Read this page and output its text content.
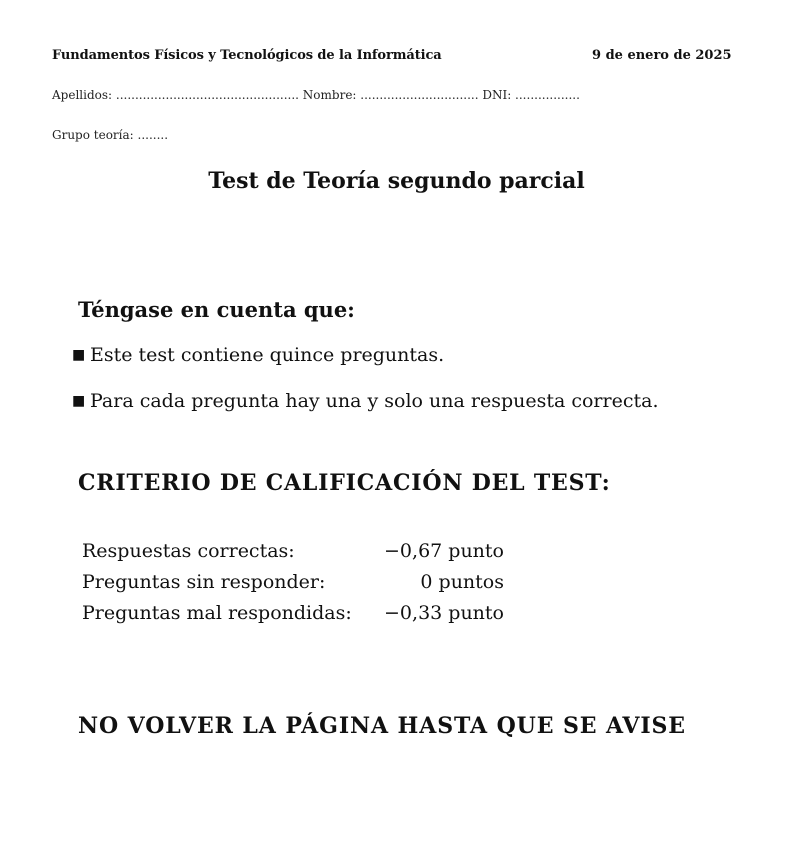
Fundamentos Físicos y Tecnológicos de la Informática	9 de enero de 2025
Apellidos: ................................................ Nombre: ............................... DNI: .................
Grupo teoría: ........
Test de Teoría segundo parcial
Téngase en cuenta que:
■ Este test contiene quince preguntas.
■ Para cada pregunta hay una y solo una respuesta correcta.
CRITERIO DE CALIFICACIÓN DEL TEST:
Respuestas correctas:	−0,67 punto
Preguntas sin responder:	0 puntos
Preguntas mal respondidas:	−0,33 punto
NO VOLVER LA PÁGINA HASTA QUE SE AVISE
